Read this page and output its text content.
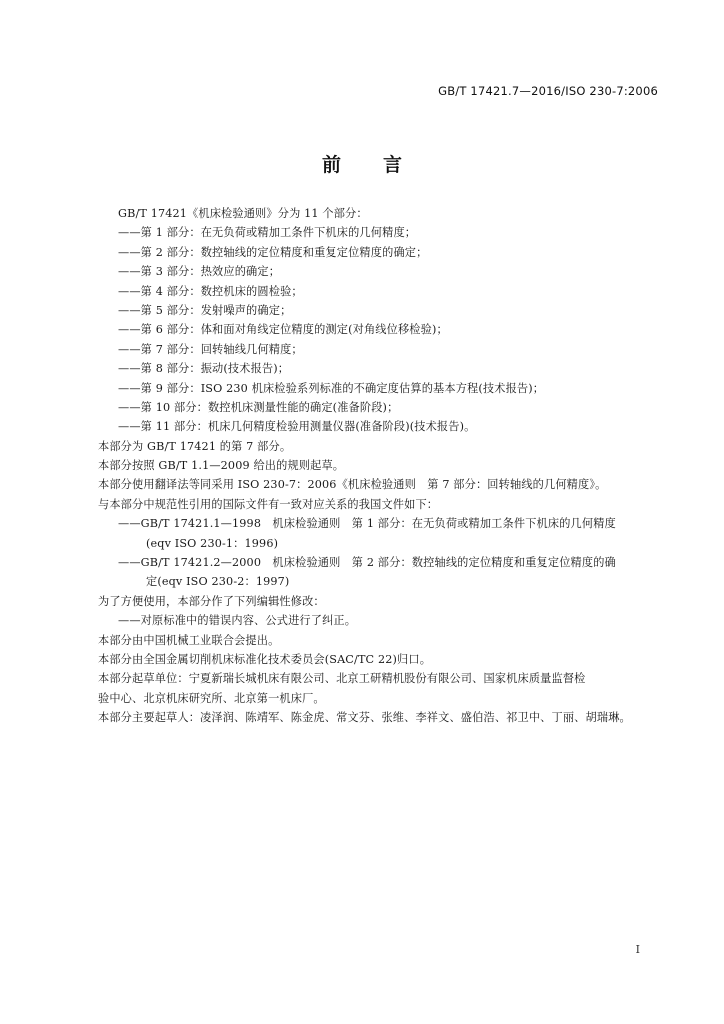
GB/T 17421.7—2016/ISO 230-7:2006
前言
GB/T 17421《机床检验通则》分为 11 个部分：
——第 1 部分：在无负荷或精加工条件下机床的几何精度；
——第 2 部分：数控轴线的定位精度和重复定位精度的确定；
——第 3 部分：热效应的确定；
——第 4 部分：数控机床的圆检验；
——第 5 部分：发射噪声的确定；
——第 6 部分：体和面对角线定位精度的测定(对角线位移检验)；
——第 7 部分：回转轴线几何精度；
——第 8 部分：振动(技术报告)；
——第 9 部分：ISO 230 机床检验系列标准的不确定度估算的基本方程(技术报告)；
——第 10 部分：数控机床测量性能的确定(准备阶段)；
——第 11 部分：机床几何精度检验用测量仪器(准备阶段)(技术报告)。
本部分为 GB/T 17421 的第 7 部分。
本部分按照 GB/T 1.1—2009 给出的规则起草。
本部分使用翻译法等同采用 ISO 230-7：2006《机床检验通则　第 7 部分：回转轴线的几何精度》。
与本部分中规范性引用的国际文件有一致对应关系的我国文件如下：
——GB/T 17421.1—1998　机床检验通则　第 1 部分：在无负荷或精加工条件下机床的几何精度
(eqv ISO 230-1：1996)
——GB/T 17421.2—2000　机床检验通则　第 2 部分：数控轴线的定位精度和重复定位精度的确
定(eqv ISO 230-2：1997)
为了方便使用，本部分作了下列编辑性修改：
——对原标准中的错误内容、公式进行了纠正。
本部分由中国机械工业联合会提出。
本部分由全国金属切削机床标准化技术委员会(SAC/TC 22)归口。
本部分起草单位：宁夏新瑞长城机床有限公司、北京工研精机股份有限公司、国家机床质量监督检
验中心、北京机床研究所、北京第一机床厂。
本部分主要起草人：凌泽润、陈靖军、陈金虎、常文芬、张维、李祥文、盛伯浩、祁卫中、丁丽、胡瑞琳。
I
